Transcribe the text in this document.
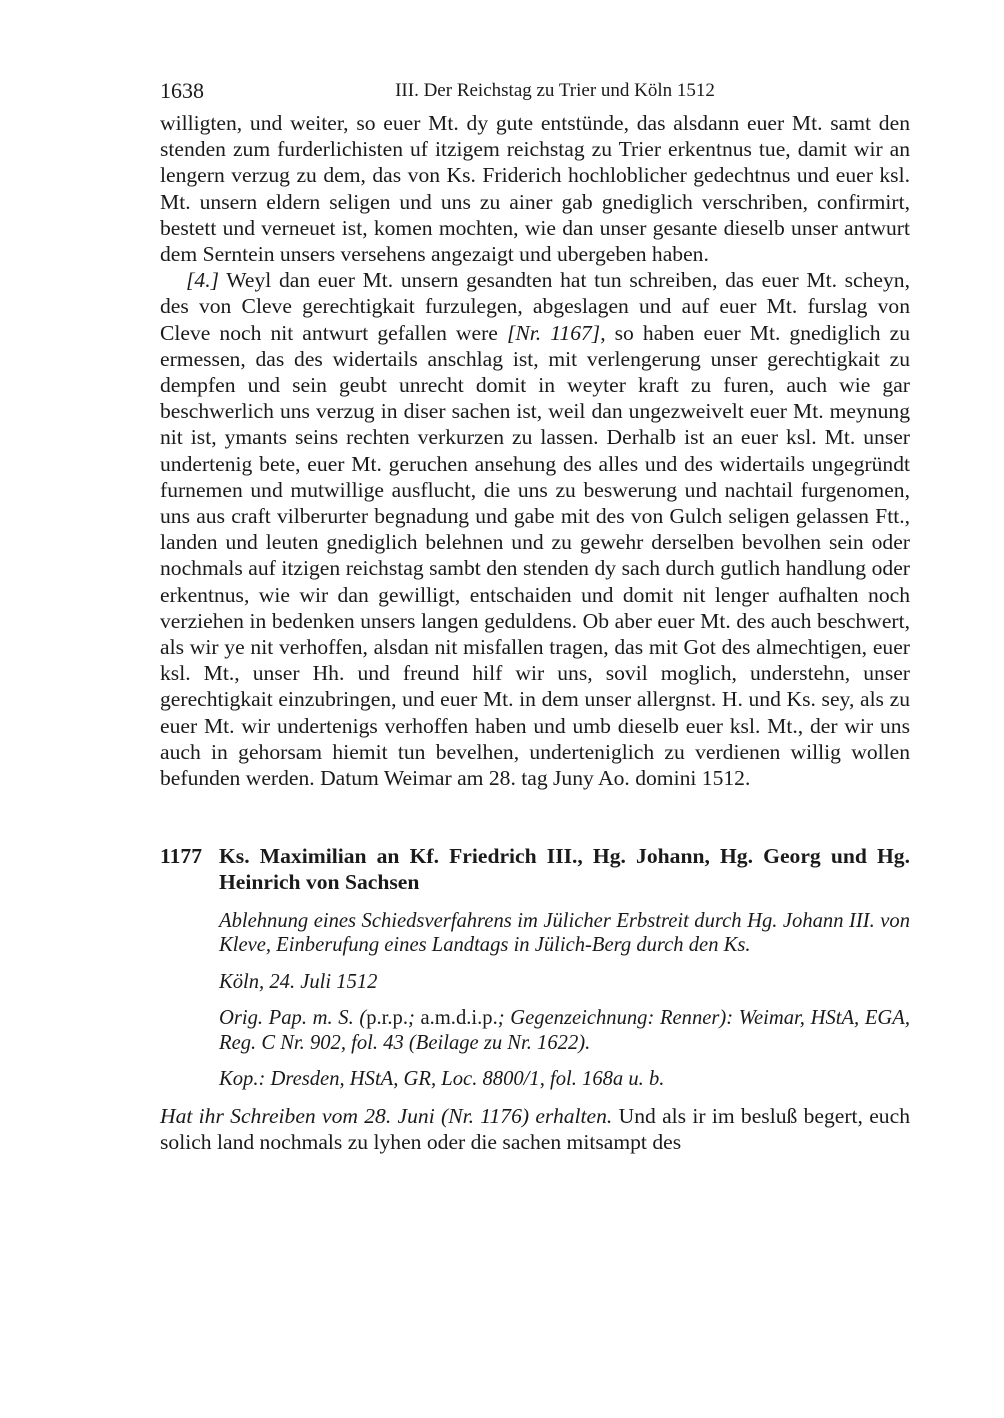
1638	III. Der Reichstag zu Trier und Köln 1512

willigten, und weiter, so euer Mt. dy gute entstünde, das alsdann euer Mt. samt den stenden zum furderlichisten uf itzigem reichstag zu Trier erkentnus tue, damit wir an lengern verzug zu dem, das von Ks. Friderich hochloblicher gedechtnus und euer ksl. Mt. unsern eldern seligen und uns zu ainer gab gnediglich verschriben, confirmirt, bestett und verneuet ist, komen mochten, wie dan unser gesante dieselb unser antwurt dem Serntein unsers versehens angezaigt und ubergeben haben.

[4.] Weyl dan euer Mt. unsern gesandten hat tun schreiben, das euer Mt. scheyn, des von Cleve gerechtigkait furzulegen, abgeslagen und auf euer Mt. furslag von Cleve noch nit antwurt gefallen were [Nr. 1167], so haben euer Mt. gnediglich zu ermessen, das des widertails anschlag ist, mit verlengerung unser gerechtigkait zu dempfen und sein geubt unrecht domit in weyter kraft zu furen, auch wie gar beschwerlich uns verzug in diser sachen ist, weil dan ungezweivelt euer Mt. meynung nit ist, ymants seins rechten verkurzen zu lassen. Derhalb ist an euer ksl. Mt. unser undertenig bete, euer Mt. geruchen ansehung des alles und des widertails ungegründt furnemen und mutwillige ausflucht, die uns zu beswerung und nachtail furgenomen, uns aus craft vilberurter begnadung und gabe mit des von Gulch seligen gelassen Ftt., landen und leuten gnediglich belehnen und zu gewehr derselben bevolhen sein oder nochmals auf itzigen reichstag sambt den stenden dy sach durch gutlich handlung oder erkentnus, wie wir dan gewilligt, entschaiden und domit nit lenger aufhalten noch verziehen in bedenken unsers langen geduldens. Ob aber euer Mt. des auch beschwert, als wir ye nit verhoffen, alsdan nit misfallen tragen, das mit Got des almechtigen, euer ksl. Mt., unser Hh. und freund hilf wir uns, sovil moglich, understehn, unser gerechtigkait einzubringen, und euer Mt. in dem unser allergnst. H. und Ks. sey, als zu euer Mt. wir undertenigs verhoffen haben und umb dieselb euer ksl. Mt., der wir uns auch in gehorsam hiemit tun bevelhen, underteniglich zu verdienen willig wollen befunden werden. Datum Weimar am 28. tag Juny Ao. domini 1512.

1177 Ks. Maximilian an Kf. Friedrich III., Hg. Johann, Hg. Georg und Hg. Heinrich von Sachsen

Ablehnung eines Schiedsverfahrens im Jülicher Erbstreit durch Hg. Johann III. von Kleve, Einberufung eines Landtags in Jülich-Berg durch den Ks.

Köln, 24. Juli 1512

Orig. Pap. m. S. (p.r.p.; a.m.d.i.p.; Gegenzeichnung: Renner): Weimar, HStA, EGA, Reg. C Nr. 902, fol. 43 (Beilage zu Nr. 1622).

Kop.: Dresden, HStA, GR, Loc. 8800/1, fol. 168a u. b.

Hat ihr Schreiben vom 28. Juni (Nr. 1176) erhalten. Und als ir im besluß begert, euch solich land nochmals zu lyhen oder die sachen mitsampt des
